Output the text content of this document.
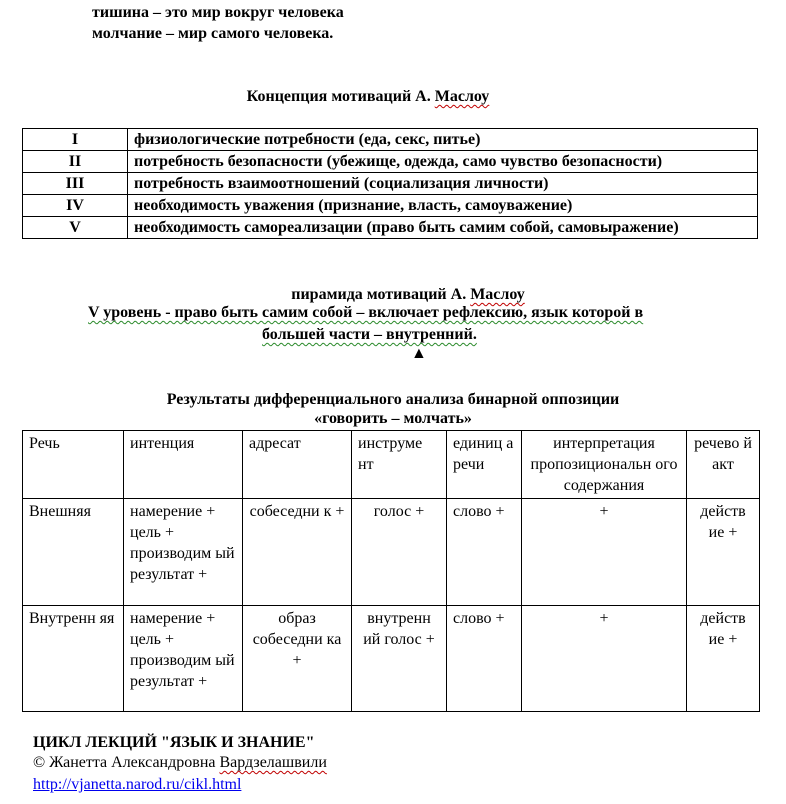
тишина – это мир вокруг человека
молчание – мир самого человека.
Концепция мотиваций А. Маслоу
I	физиологические потребности (еда, секс, питье)
II	потребность безопасности (убежище, одежда, само чувство безопасности)
III	потребность взаимоотношений (социализация личности)
IV	необходимость уважения (признание, власть, самоуважение)
V	необходимость самореализации (право быть самим собой, самовыражение)
пирамида мотиваций А. Маслоу
V уровень - право быть самим собой – включает рефлексию, язык которой в
большей части – внутренний.
▲
Результаты дифференциального анализа бинарной оппозиции
«говорить – молчать»
Речь	интенция	адресат	инструме нт	единиц а речи	интерпретация пропозициональн ого содержания	речево й акт
Внешняя	намерение + цель + производим ый результат +	собеседни к +	голос +	слово +	+	действ ие +
Внутренн яя	намерение + цель + производим ый результат +	образ собеседни ка +	внутренн ий голос +	слово +	+	действ ие +
ЦИКЛ ЛЕКЦИЙ "ЯЗЫК И ЗНАНИЕ"
© Жанетта Александровна Вардзелашвили
http://vjanetta.narod.ru/cikl.html
